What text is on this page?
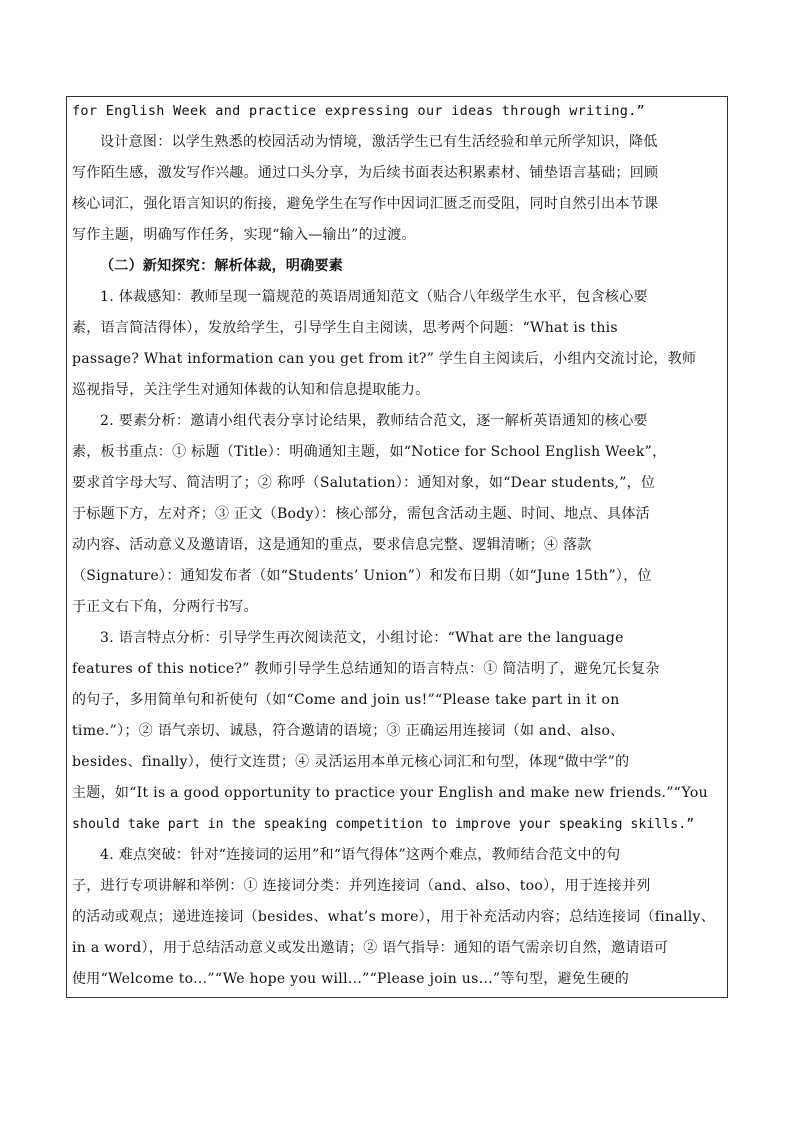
for English Week and practice expressing our ideas through writing.”
设计意图：以学生熟悉的校园活动为情境，激活学生已有生活经验和单元所学知识，降低
写作陌生感，激发写作兴趣。通过口头分享，为后续书面表达积累素材、铺垫语言基础；回顾
核心词汇，强化语言知识的衔接，避免学生在写作中因词汇匮乏而受阻，同时自然引出本节课
写作主题，明确写作任务，实现“输入—输出”的过渡。
（二）新知探究：解析体裁，明确要素
1. 体裁感知：教师呈现一篇规范的英语周通知范文（贴合八年级学生水平，包含核心要
素，语言简洁得体），发放给学生，引导学生自主阅读，思考两个问题：“What is this
passage? What information can you get from it?” 学生自主阅读后，小组内交流讨论，教师
巡视指导，关注学生对通知体裁的认知和信息提取能力。
2. 要素分析：邀请小组代表分享讨论结果，教师结合范文，逐一解析英语通知的核心要
素，板书重点：① 标题（Title）：明确通知主题，如“Notice for School English Week”，
要求首字母大写、简洁明了；② 称呼（Salutation）：通知对象，如“Dear students,”，位
于标题下方，左对齐；③ 正文（Body）：核心部分，需包含活动主题、时间、地点、具体活
动内容、活动意义及邀请语，这是通知的重点，要求信息完整、逻辑清晰；④ 落款
（Signature）：通知发布者（如“Students’ Union”）和发布日期（如“June 15th”），位
于正文右下角，分两行书写。
3. 语言特点分析：引导学生再次阅读范文，小组讨论：“What are the language
features of this notice?” 教师引导学生总结通知的语言特点：① 简洁明了，避免冗长复杂
的句子，多用简单句和祈使句（如“Come and join us!”“Please take part in it on
time.”）；② 语气亲切、诚恳，符合邀请的语境；③ 正确运用连接词（如 and、also、
besides、finally），使行文连贯；④ 灵活运用本单元核心词汇和句型，体现“做中学”的
主题，如“It is a good opportunity to practice your English and make new friends.”“You
should take part in the speaking competition to improve your speaking skills.”
4. 难点突破：针对“连接词的运用”和“语气得体”这两个难点，教师结合范文中的句
子，进行专项讲解和举例：① 连接词分类：并列连接词（and、also、too），用于连接并列
的活动或观点；递进连接词（besides、what’s more），用于补充活动内容；总结连接词（finally、
in a word），用于总结活动意义或发出邀请；② 语气指导：通知的语气需亲切自然，邀请语可
使用“Welcome to...”“We hope you will...”“Please join us...”等句型，避免生硬的
